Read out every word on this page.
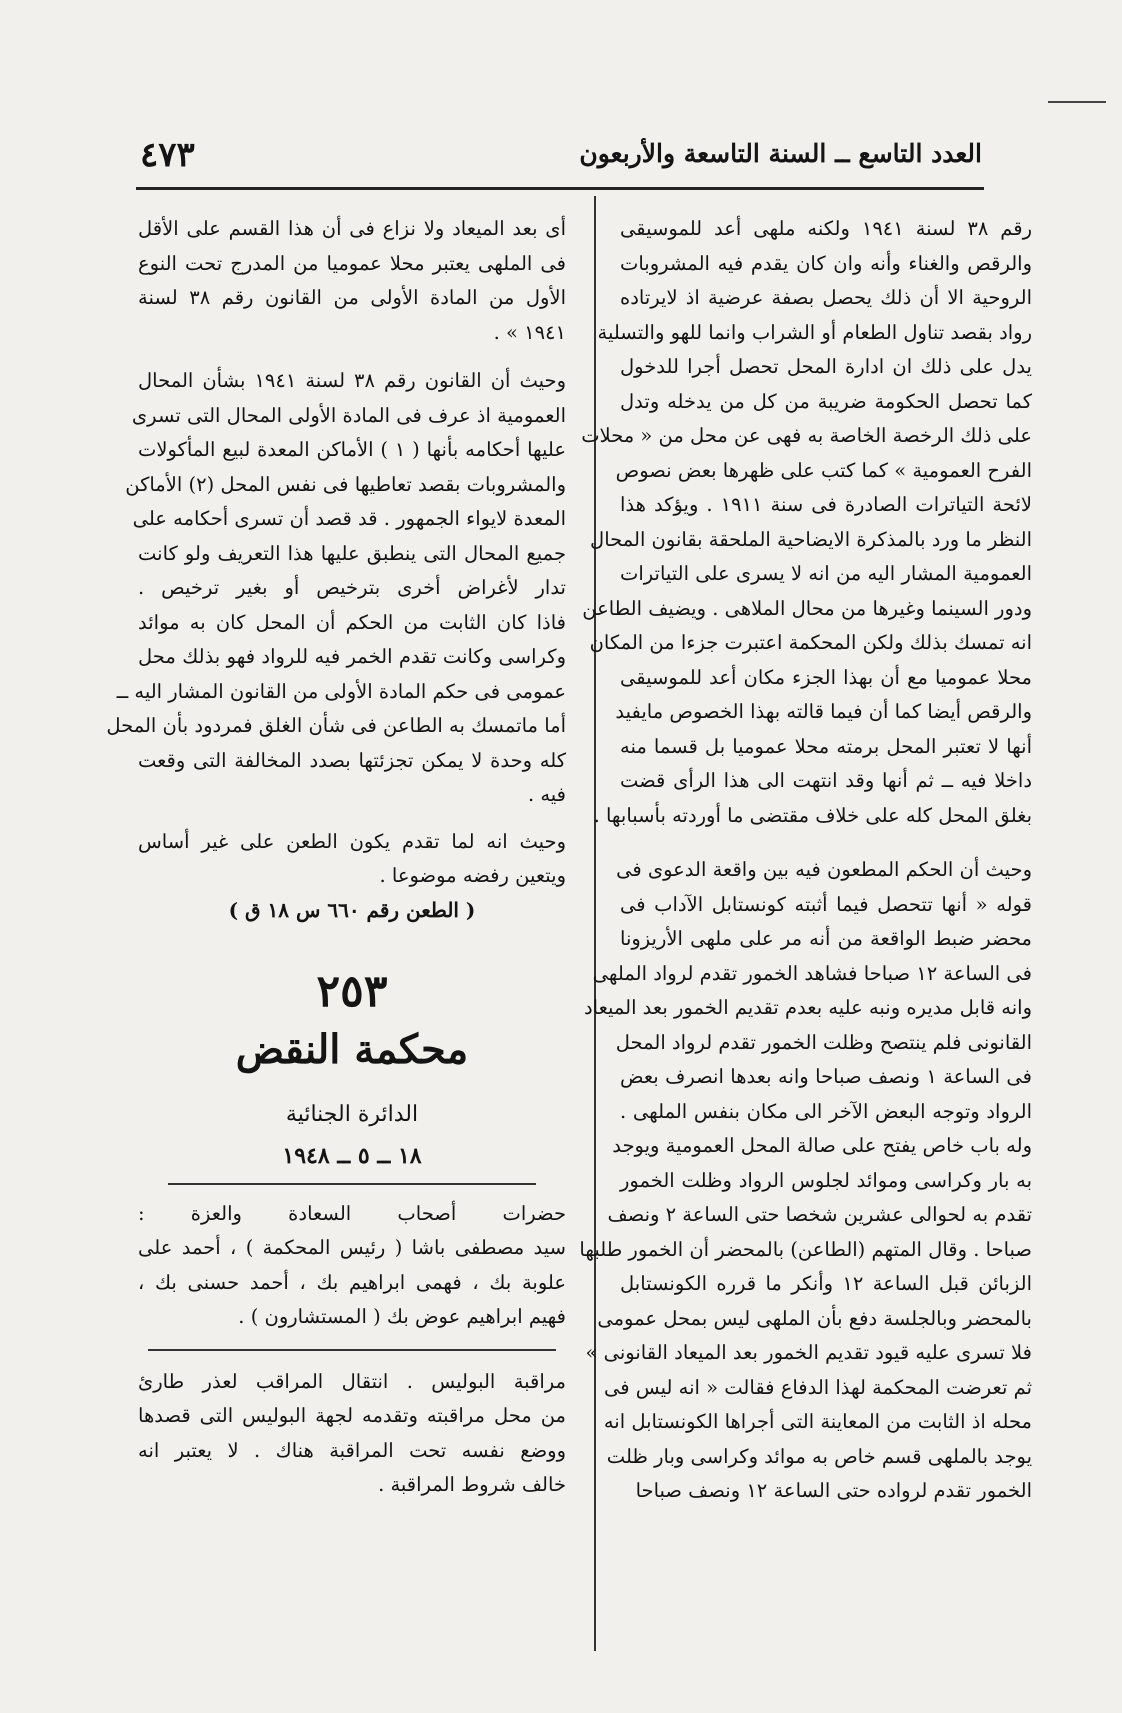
٤٧٣	العدد التاسع ــ السنة التاسعة والأربعون

رقم ٣٨ لسنة ١٩٤١ ولكنه ملهى أعد للموسيقى

والرقص والغناء وأنه وان كان يقدم فيه المشروبات

الروحية الا أن ذلك يحصل بصفة عرضية اذ لايرتاده

رواد بقصد تناول الطعام أو الشراب وانما للهو والتسلية

يدل على ذلك ان ادارة المحل تحصل أجرا للدخول

كما تحصل الحكومة ضريبة من كل من يدخله وتدل

على ذلك الرخصة الخاصة به فهى عن محل من « محلات

الفرح العمومية » كما كتب على ظهرها بعض نصوص

لائحة التياترات الصادرة فى سنة ١٩١١ . ويؤكد هذا

النظر ما ورد بالمذكرة الايضاحية الملحقة بقانون المحال

العمومية المشار اليه من انه لا يسرى على التياترات

ودور السينما وغيرها من محال الملاهى . ويضيف الطاعن

انه تمسك بذلك ولكن المحكمة اعتبرت جزءا من المكان

محلا عموميا مع أن بهذا الجزء مكان أعد للموسيقى

والرقص أيضا كما أن فيما قالته بهذا الخصوص مايفيد

أنها لا تعتبر المحل برمته محلا عموميا بل قسما منه

داخلا فيه ــ ثم أنها وقد انتهت الى هذا الرأى قضت

بغلق المحل كله على خلاف مقتضى ما أوردته بأسبابها .

وحيث أن الحكم المطعون فيه بين واقعة الدعوى فى

قوله « أنها تتحصل فيما أثبته كونستابل الآداب فى

محضر ضبط الواقعة من أنه مر على ملهى الأريزونا

فى الساعة ١٢ صباحا فشاهد الخمور تقدم لرواد الملهى

وانه قابل مديره ونبه عليه بعدم تقديم الخمور بعد الميعاد

القانونى فلم ينتصح وظلت الخمور تقدم لرواد المحل

فى الساعة ١ ونصف صباحا وانه بعدها انصرف بعض

الرواد وتوجه البعض الآخر الى مكان بنفس الملهى .

وله باب خاص يفتح على صالة المحل العمومية ويوجد

به بار وكراسى وموائد لجلوس الرواد وظلت الخمور

تقدم به لحوالى عشرين شخصا حتى الساعة ٢ ونصف

صباحا . وقال المتهم (الطاعن) بالمحضر أن الخمور طلبها

الزبائن قبل الساعة ١٢ وأنكر ما قرره الكونستابل

بالمحضر وبالجلسة دفع بأن الملهى ليس بمحل عمومى

فلا تسرى عليه قيود تقديم الخمور بعد الميعاد القانونى »

ثم تعرضت المحكمة لهذا الدفاع فقالت « انه ليس فى

محله اذ الثابت من المعاينة التى أجراها الكونستابل انه

يوجد بالملهى قسم خاص به موائد وكراسى وبار ظلت

الخمور تقدم لرواده حتى الساعة ١٢ ونصف صباحا

أى بعد الميعاد ولا نزاع فى أن هذا القسم على الأقل

فى الملهى يعتبر محلا عموميا من المدرج تحت النوع

الأول من المادة الأولى من القانون رقم ٣٨ لسنة

١٩٤١ » .

وحيث أن القانون رقم ٣٨ لسنة ١٩٤١ بشأن المحال

العمومية اذ عرف فى المادة الأولى المحال التى تسرى

عليها أحكامه بأنها ( ١ ) الأماكن المعدة لبيع المأكولات

والمشروبات بقصد تعاطيها فى نفس المحل (٢) الأماكن

المعدة لايواء الجمهور . قد قصد أن تسرى أحكامه على

جميع المحال التى ينطبق عليها هذا التعريف ولو كانت

تدار لأغراض أخرى بترخيص أو بغير ترخيص .

فاذا كان الثابت من الحكم أن المحل كان به موائد

وكراسى وكانت تقدم الخمر فيه للرواد فهو بذلك محل

عمومى فى حكم المادة الأولى من القانون المشار اليه ــ

أما ماتمسك به الطاعن فى شأن الغلق فمردود بأن المحل

كله وحدة لا يمكن تجزئتها بصدد المخالفة التى وقعت

فيه .

وحيث انه لما تقدم يكون الطعن على غير أساس

ويتعين رفضه موضوعا .

( الطعن رقم ٦٦٠ س ١٨ ق )
٢٥٣
محكمة النقض
الدائرة الجنائية
١٨ ــ ٥ ــ ١٩٤٨

حضرات أصحاب السعادة والعزة :

سيد مصطفى باشا ( رئيس المحكمة ) ، أحمد على

علوبة بك ، فهمى ابراهيم بك ، أحمد حسنى بك ،

فهيم ابراهيم عوض بك ( المستشارون ) .

مراقبة البوليس . انتقال المراقب لعذر طارئ

من محل مراقبته وتقدمه لجهة البوليس التى قصدها

ووضع نفسه تحت المراقبة هناك . لا يعتبر انه

خالف شروط المراقبة .
